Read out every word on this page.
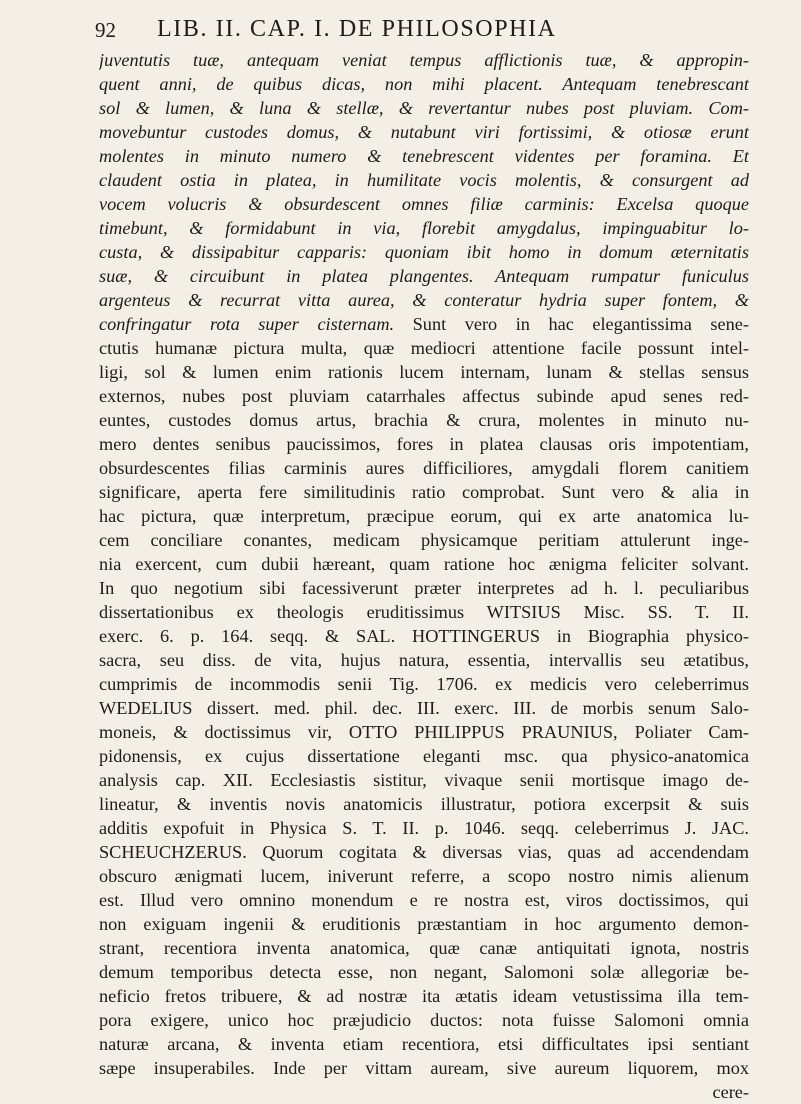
92 LIB. II. CAP. I. DE PHILOSOPHIA
juventutis tuæ, antequam veniat tempus afflictionis tuæ, & appropin-
quent anni, de quibus dicas, non mihi placent. Antequam tenebrescant
sol & lumen, & luna & stellæ, & revertantur nubes post pluviam. Com-
movebuntur custodes domus, & nutabunt viri fortissimi, & otiosæ erunt
molentes in minuto numero & tenebrescent videntes per foramina. Et
claudent ostia in platea, in humilitate vocis molentis, & consurgent ad
vocem volucris & obsurdescent omnes filiæ carminis: Excelsa quoque
timebunt, & formidabunt in via, florebit amygdalus, impinguabitur lo-
custa, & dissipabitur capparis: quoniam ibit homo in domum æternitatis
suæ, & circuibunt in platea plangentes. Antequam rumpatur funiculus
argenteus & recurrat vitta aurea, & conteratur hydria super fontem, &
confringatur rota super cisternam. Sunt vero in hac elegantissima sene-
ctutis humanæ pictura multa, quæ mediocri attentione facile possunt intel-
ligi, sol & lumen enim rationis lucem internam, lunam & stellas sensus
externos, nubes post pluviam catarrhales affectus subinde apud senes red-
euntes, custodes domus artus, brachia & crura, molentes in minuto nu-
mero dentes senibus paucissimos, fores in platea clausas oris impotentiam,
obsurdescentes filias carminis aures difficiliores, amygdali florem canitiem
significare, aperta fere similitudinis ratio comprobat. Sunt vero & alia in
hac pictura, quæ interpretum, præcipue eorum, qui ex arte anatomica lu-
cem conciliare conantes, medicam physicamque peritiam attulerunt inge-
nia exercent, cum dubii hæreant, quam ratione hoc ænigma feliciter solvant.
In quo negotium sibi facessiverunt præter interpretes ad h. l. peculiaribus
dissertationibus ex theologis eruditissimus WITSIUS Misc. SS. T. II.
exerc. 6. p. 164. seqq. & SAL. HOTTINGERUS in Biographia physico-
sacra, seu diss. de vita, hujus natura, essentia, intervallis seu ætatibus,
cumprimis de incommodis senii Tig. 1706. ex medicis vero celeberrimus
WEDELIUS dissert. med. phil. dec. III. exerc. III. de morbis senum Salo-
moneis, & doctissimus vir, OTTO PHILIPPUS PRAUNIUS, Poliater Cam-
pidonensis, ex cujus dissertatione eleganti msc. qua physico-anatomica
analysis cap. XII. Ecclesiastis sistitur, vivaque senii mortisque imago de-
lineatur, & inventis novis anatomicis illustratur, potiora excerpsit & suis
additis expofuit in Physica S. T. II. p. 1046. seqq. celeberrimus J. JAC.
SCHEUCHZERUS. Quorum cogitata & diversas vias, quas ad accendendam
obscuro ænigmati lucem, iniverunt referre, a scopo nostro nimis alienum
est. Illud vero omnino monendum e re nostra est, viros doctissimos, qui
non exiguam ingenii & eruditionis præstantiam in hoc argumento demon-
strant, recentiora inventa anatomica, quæ canæ antiquitati ignota, nostris
demum temporibus detecta esse, non negant, Salomoni solæ allegoriæ be-
neficio fretos tribuere, & ad nostræ ita ætatis ideam vetustissima illa tem-
pora exigere, unico hoc præjudicio ductos: nota fuisse Salomoni omnia
naturæ arcana, & inventa etiam recentiora, etsi difficultates ipsi sentiant
sæpe insuperabiles. Inde per vittam auream, sive aureum liquorem, mox
cere-
